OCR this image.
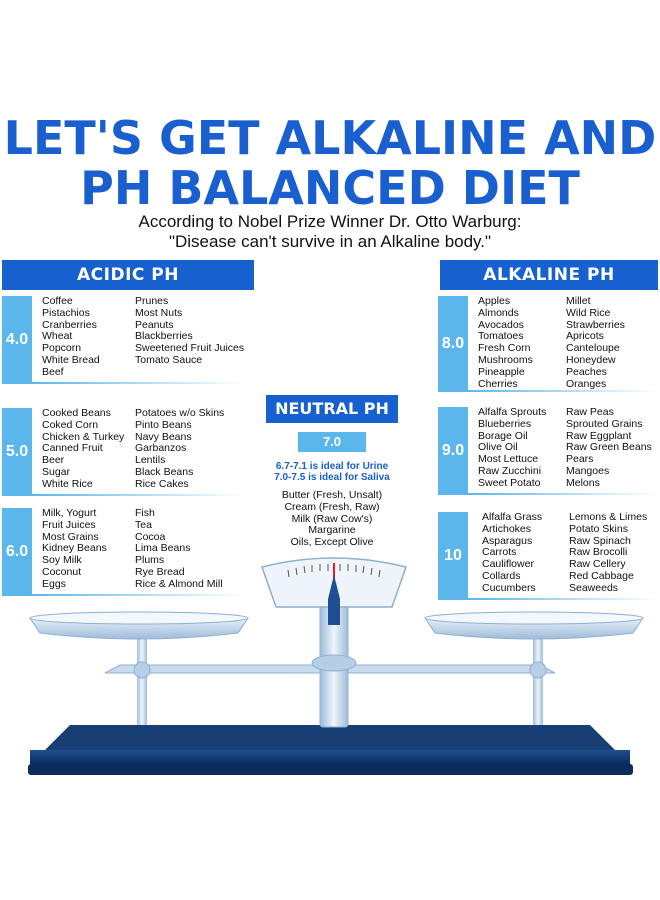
LET'S GET ALKALINE AND
PH BALANCED DIET
According to Nobel Prize Winner Dr. Otto Warburg:
"Disease can't survive in an Alkaline body."
ACIDIC PH
4.0
Coffee
Pistachios
Cranberries
Wheat
Popcorn
White Bread
Beef
Prunes
Most Nuts
Peanuts
Blackberries
Sweetened Fruit Juices
Tomato Sauce
5.0
Cooked Beans
Coked Corn
Chicken & Turkey
Canned Fruit
Beer
Sugar
White Rice
Potatoes w/o Skins
Pinto Beans
Navy Beans
Garbanzos
Lentils
Black Beans
Rice Cakes
6.0
Milk, Yogurt
Fruit Juices
Most Grains
Kidney Beans
Soy Milk
Coconut
Eggs
Fish
Tea
Cocoa
Lima Beans
Plums
Rye Bread
Rice & Almond Mill
ALKALINE PH
8.0
Apples
Almonds
Avocados
Tomatoes
Fresh Corn
Mushrooms
Pineapple
Cherries
Millet
Wild Rice
Strawberries
Apricots
Canteloupe
Honeydew
Peaches
Oranges
9.0
Alfalfa Sprouts
Blueberries
Borage Oil
Olive Oil
Most Lettuce
Raw Zucchini
Sweet Potato
Raw Peas
Sprouted Grains
Raw Eggplant
Raw Green Beans
Pears
Mangoes
Melons
10
Alfalfa Grass
Artichokes
Asparagus
Carrots
Cauliflower
Collards
Cucumbers
Lemons & Limes
Potato Skins
Raw Spinach
Raw Brocolli
Raw Cellery
Red Cabbage
Seaweeds
NEUTRAL PH
7.0
6.7-7.1 is ideal for Urine
7.0-7.5 is ideal for Saliva
Butter (Fresh, Unsalt)
Cream (Fresh, Raw)
Milk (Raw Cow's)
Margarine
Oils, Except Olive
